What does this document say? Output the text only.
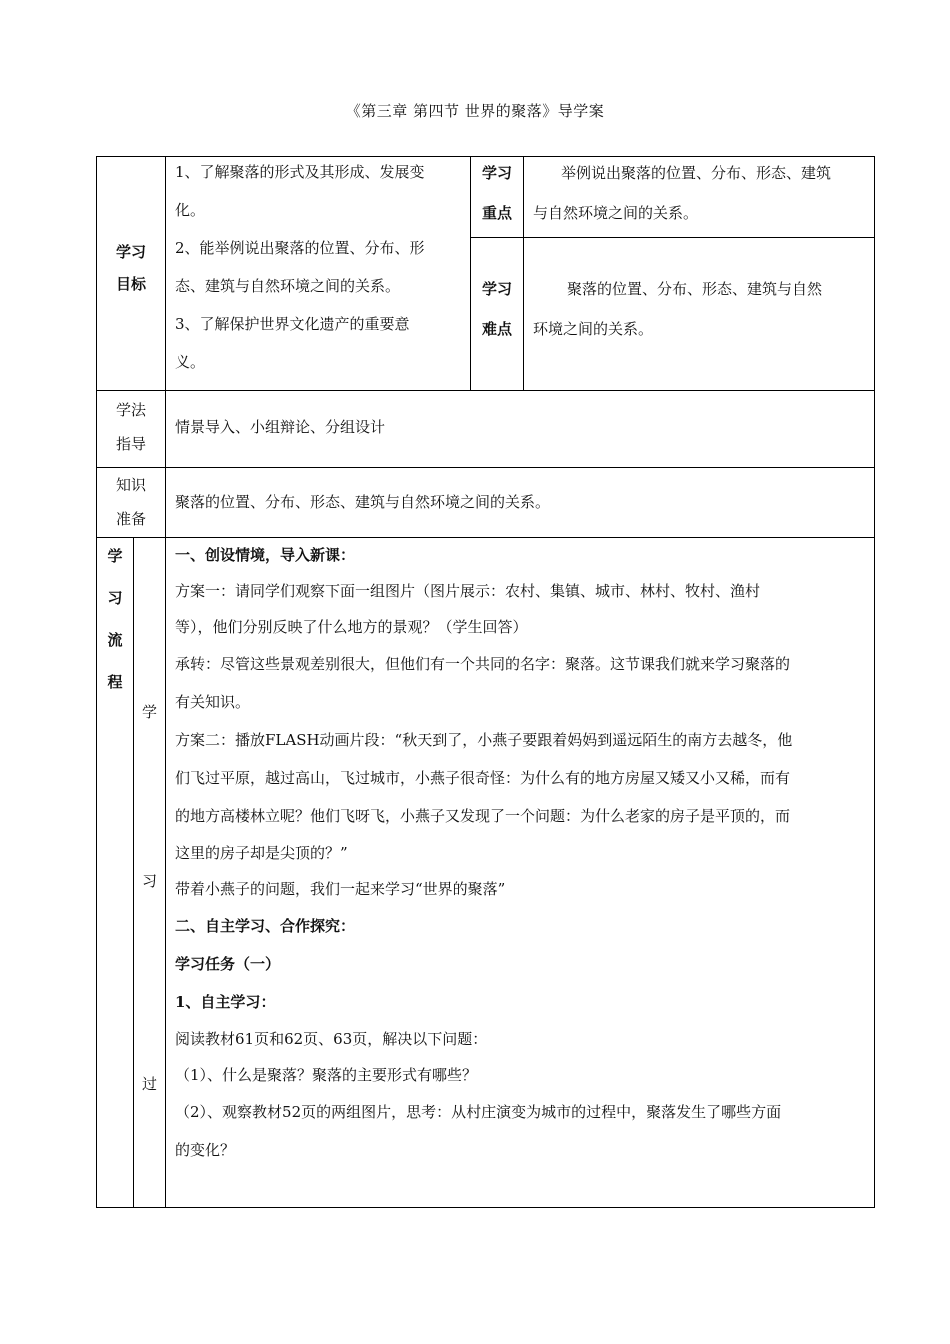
《第三章 第四节 世界的聚落》导学案

学习

目标

1、了解聚落的形式及其形成、发展变

化。

2、能举例说出聚落的位置、分布、形

态、建筑与自然环境之间的关系。

3、了解保护世界文化遗产的重要意

义。

学习

重点

举例说出聚落的位置、分布、形态、建筑

与自然环境之间的关系。

学习

难点

聚落的位置、分布、形态、建筑与自然

环境之间的关系。

学法

指导

情景导入、小组辩论、分组设计

知识

准备

聚落的位置、分布、形态、建筑与自然环境之间的关系。

学

习

流

程

学
习
过

一、创设情境，导入新课：

方案一：请同学们观察下面一组图片（图片展示：农村、集镇、城市、林村、牧村、渔村

等），他们分别反映了什么地方的景观？（学生回答）

承转：尽管这些景观差别很大，但他们有一个共同的名字：聚落。这节课我们就来学习聚落的

有关知识。

方案二：播放FLASH动画片段：“秋天到了，小燕子要跟着妈妈到遥远陌生的南方去越冬，他

们飞过平原，越过高山，飞过城市，小燕子很奇怪：为什么有的地方房屋又矮又小又稀，而有

的地方高楼林立呢？他们飞呀飞，小燕子又发现了一个问题：为什么老家的房子是平顶的，而

这里的房子却是尖顶的？”

带着小燕子的问题，我们一起来学习“世界的聚落”

二、自主学习、合作探究：

学习任务（一）

1、自主学习：

阅读教材61页和62页、63页，解决以下问题：

（1）、什么是聚落？聚落的主要形式有哪些？

（2）、观察教材52页的两组图片，思考：从村庄演变为城市的过程中，聚落发生了哪些方面

的变化？
